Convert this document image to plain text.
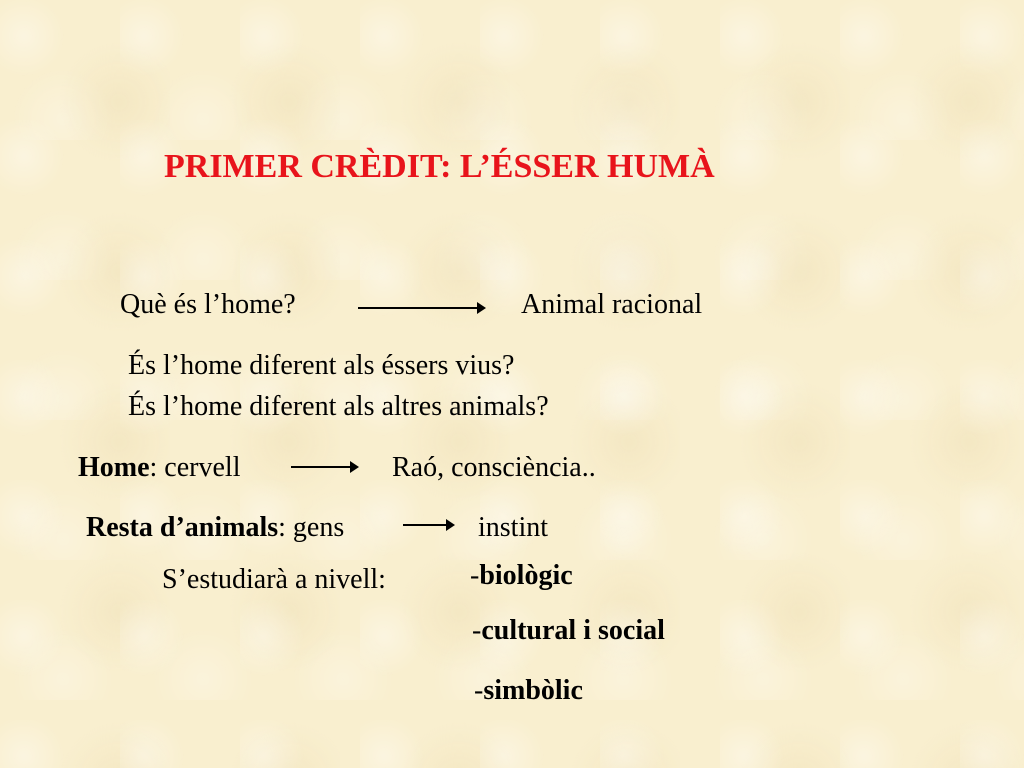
PRIMER CRÈDIT: L’ÉSSER HUMÀ
Què és l’home?	Animal racional
És l’home diferent als éssers vius?
És l’home diferent als altres animals?
Home: cervell	Raó, consciència..
Resta d’animals: gens	instint
S’estudiarà a nivell:	-biològic
-cultural i social
-simbòlic
